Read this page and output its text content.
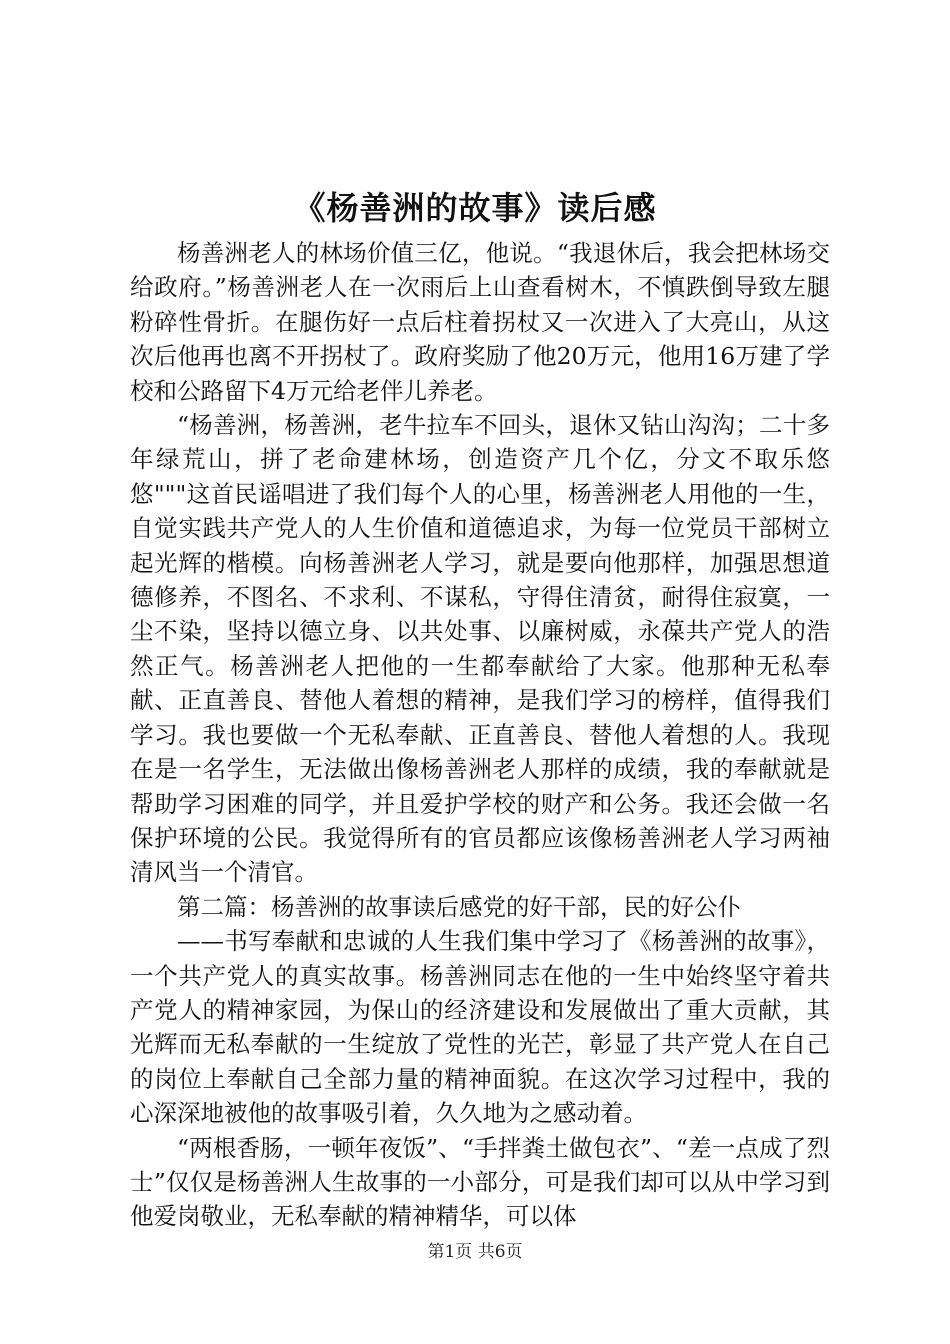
《杨善洲的故事》读后感

杨善洲老人的林场价值三亿，他说。“我退休后，我会把林场交给政府。”杨善洲老人在一次雨后上山查看树木，不慎跌倒导致左腿粉碎性骨折。在腿伤好一点后柱着拐杖又一次进入了大亮山，从这次后他再也离不开拐杖了。政府奖励了他20万元，他用16万建了学校和公路留下4万元给老伴儿养老。

“杨善洲，杨善洲，老牛拉车不回头，退休又钻山沟沟；二十多年绿荒山，拼了老命建林场，创造资产几个亿，分文不取乐悠悠"""这首民谣唱进了我们每个人的心里，杨善洲老人用他的一生，自觉实践共产党人的人生价值和道德追求，为每一位党员干部树立起光辉的楷模。向杨善洲老人学习，就是要向他那样，加强思想道德修养，不图名、不求利、不谋私，守得住清贫，耐得住寂寞，一尘不染，坚持以德立身、以共处事、以廉树威，永葆共产党人的浩然正气。杨善洲老人把他的一生都奉献给了大家。他那种无私奉献、正直善良、替他人着想的精神，是我们学习的榜样，值得我们学习。我也要做一个无私奉献、正直善良、替他人着想的人。我现在是一名学生，无法做出像杨善洲老人那样的成绩，我的奉献就是帮助学习困难的同学，并且爱护学校的财产和公务。我还会做一名保护环境的公民。我觉得所有的官员都应该像杨善洲老人学习两袖清风当一个清官。

第二篇：杨善洲的故事读后感党的好干部，民的好公仆

——书写奉献和忠诚的人生我们集中学习了《杨善洲的故事》，一个共产党人的真实故事。杨善洲同志在他的一生中始终坚守着共产党人的精神家园，为保山的经济建设和发展做出了重大贡献，其光辉而无私奉献的一生绽放了党性的光芒，彰显了共产党人在自己的岗位上奉献自己全部力量的精神面貌。在这次学习过程中，我的心深深地被他的故事吸引着，久久地为之感动着。

“两根香肠，一顿年夜饭”、“手拌粪土做包衣”、“差一点成了烈士”仅仅是杨善洲人生故事的一小部分，可是我们却可以从中学习到他爱岗敬业，无私奉献的精神精华，可以体

第1页 共6页
